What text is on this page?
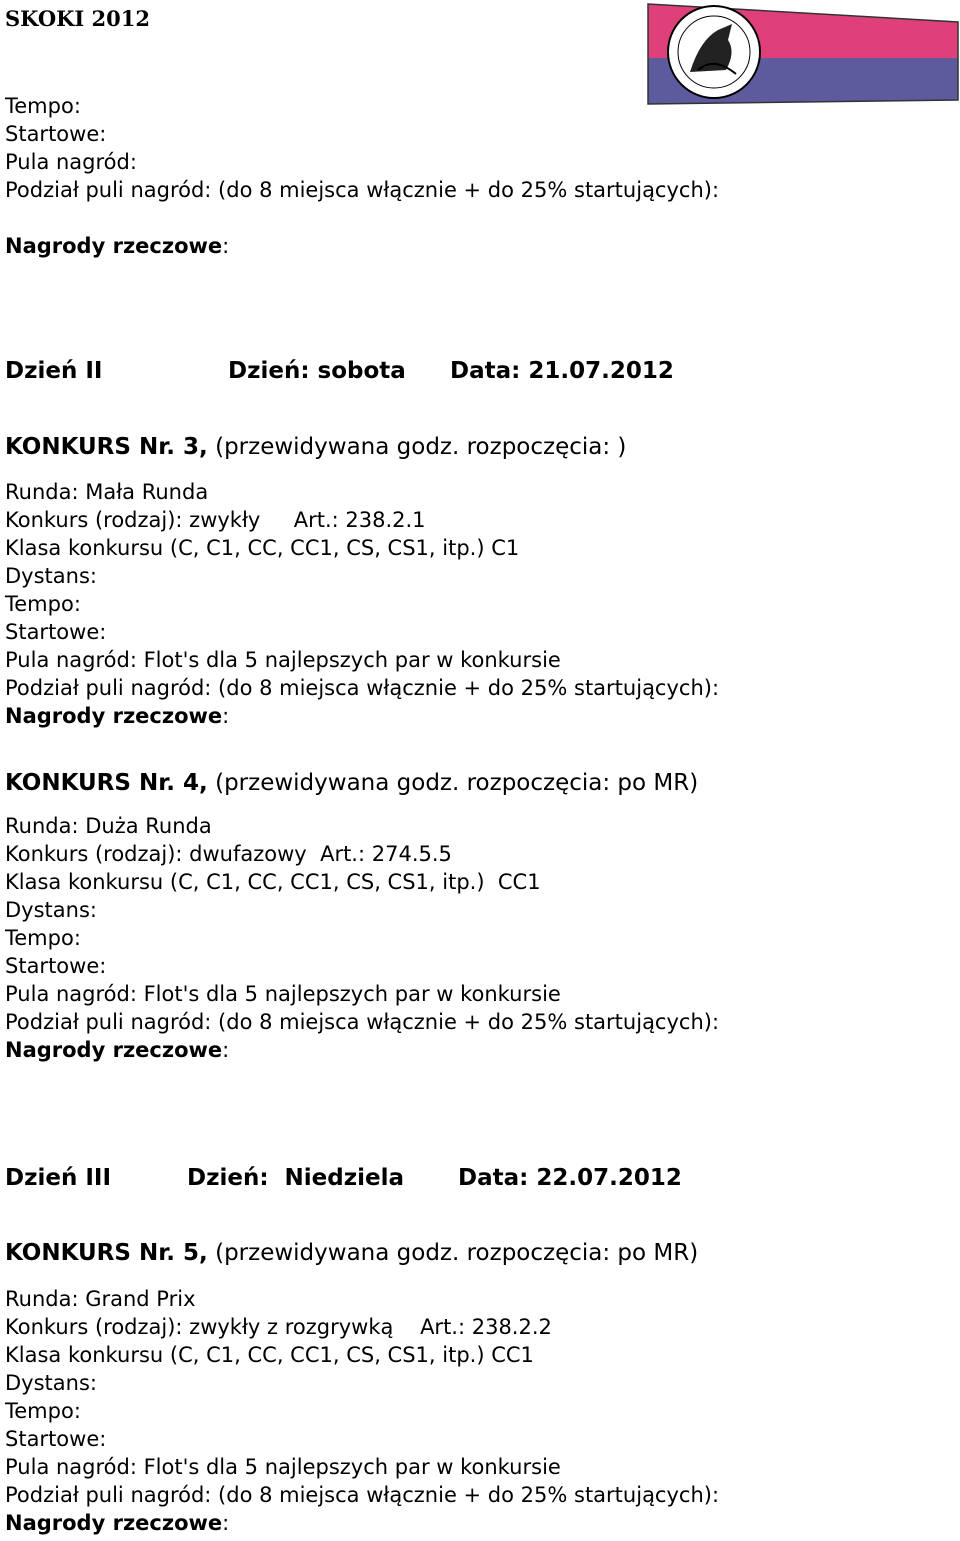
SKOKI 2012
Tempo:
Startowe:
Pula nagród:
Podział puli nagród: (do 8 miejsca włącznie + do 25% startujących):
Nagrody rzeczowe:
Dzień II	Dzień: sobota Data: 21.07.2012
KONKURS Nr. 3, (przewidywana godz. rozpoczęcia: )
Runda: Mała Runda
Konkurs (rodzaj): zwykły     Art.: 238.2.1
Klasa konkursu (C, C1, CC, CC1, CS, CS1, itp.) C1
Dystans:
Tempo:
Startowe:
Pula nagród: Flot's dla 5 najlepszych par w konkursie
Podział puli nagród: (do 8 miejsca włącznie + do 25% startujących):
Nagrody rzeczowe:
KONKURS Nr. 4, (przewidywana godz. rozpoczęcia: po MR)
Runda: Duża Runda
Konkurs (rodzaj): dwufazowy  Art.: 274.5.5
Klasa konkursu (C, C1, CC, CC1, CS, CS1, itp.)  CC1
Dystans:
Tempo:
Startowe:
Pula nagród: Flot's dla 5 najlepszych par w konkursie
Podział puli nagród: (do 8 miejsca włącznie + do 25% startujących):
Nagrody rzeczowe:
Dzień III	Dzień:  Niedziela Data: 22.07.2012
KONKURS Nr. 5, (przewidywana godz. rozpoczęcia: po MR)
Runda: Grand Prix
Konkurs (rodzaj): zwykły z rozgrywką    Art.: 238.2.2
Klasa konkursu (C, C1, CC, CC1, CS, CS1, itp.) CC1
Dystans:
Tempo:
Startowe:
Pula nagród: Flot's dla 5 najlepszych par w konkursie
Podział puli nagród: (do 8 miejsca włącznie + do 25% startujących):
Nagrody rzeczowe:
